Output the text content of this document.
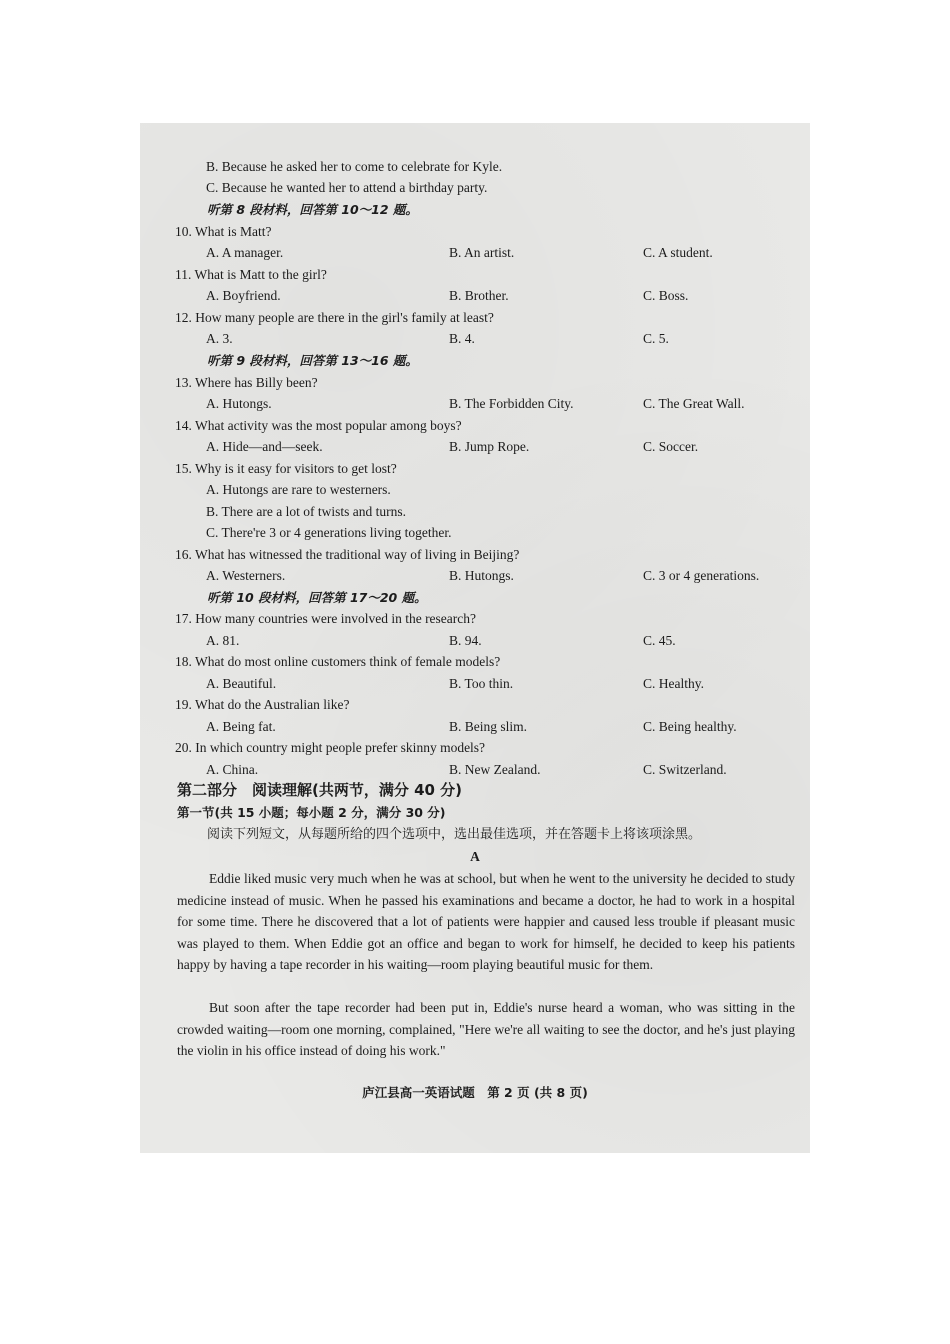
B. Because he asked her to come to celebrate for Kyle.
C. Because he wanted her to attend a birthday party.
听第 8 段材料，回答第 10～12 题。
10. What is Matt?
A. A manager.	B. An artist.	C. A student.
11. What is Matt to the girl?
A. Boyfriend.	B. Brother.	C. Boss.
12. How many people are there in the girl's family at least?
A. 3.	B. 4.	C. 5.
听第 9 段材料，回答第 13～16 题。
13. Where has Billy been?
A. Hutongs.	B. The Forbidden City.	C. The Great Wall.
14. What activity was the most popular among boys?
A. Hide—and—seek.	B. Jump Rope.	C. Soccer.
15. Why is it easy for visitors to get lost?
A. Hutongs are rare to westerners.
B. There are a lot of twists and turns.
C. There're 3 or 4 generations living together.
16. What has witnessed the traditional way of living in Beijing?
A. Westerners.	B. Hutongs.	C. 3 or 4 generations.
听第 10 段材料，回答第 17～20 题。
17. How many countries were involved in the research?
A. 81.	B. 94.	C. 45.
18. What do most online customers think of female models?
A. Beautiful.	B. Too thin.	C. Healthy.
19. What do the Australian like?
A. Being fat.	B. Being slim.	C. Being healthy.
20. In which country might people prefer skinny models?
A. China.	B. New Zealand.	C. Switzerland.
第二部分　阅读理解(共两节，满分 40 分)
第一节(共 15 小题；每小题 2 分，满分 30 分)
阅读下列短文，从每题所给的四个选项中，选出最佳选项，并在答题卡上将该项涂黑。
A
Eddie liked music very much when he was at school, but when he went to the university he decided to study medicine instead of music. When he passed his examinations and became a doctor, he had to work in a hospital for some time. There he discovered that a lot of patients were happier and caused less trouble if pleasant music was played to them. When Eddie got an office and began to work for himself, he decided to keep his patients happy by having a tape recorder in his waiting—room playing beautiful music for them.
But soon after the tape recorder had been put in, Eddie's nurse heard a woman, who was sitting in the crowded waiting—room one morning, complained, "Here we're all waiting to see the doctor, and he's just playing the violin in his office instead of doing his work."
庐江县高一英语试题　第 2 页 (共 8 页)
